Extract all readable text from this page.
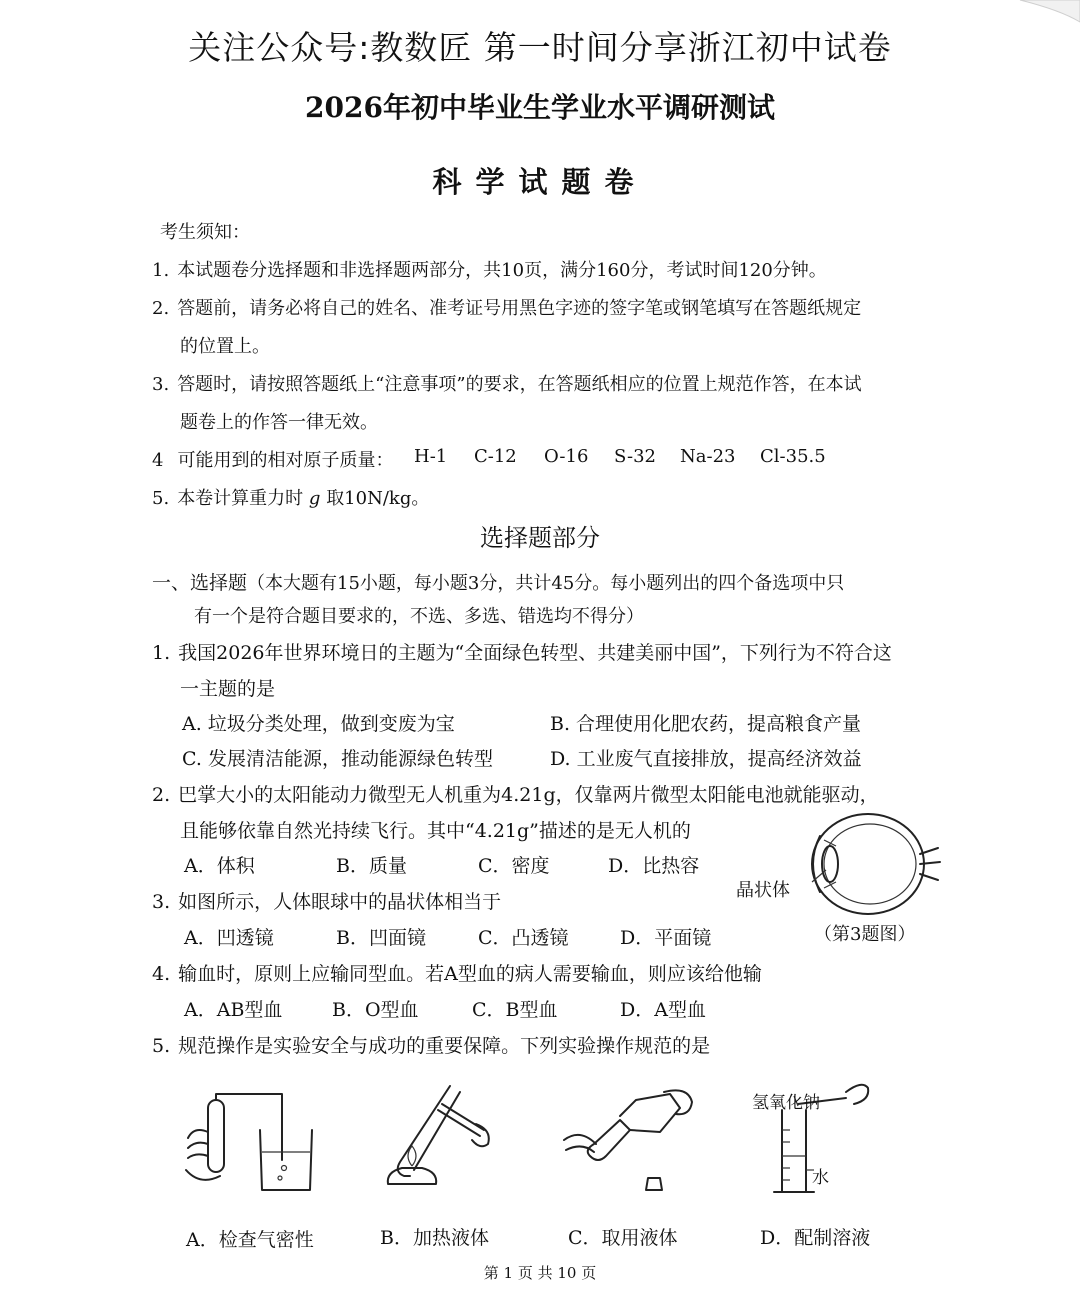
关注公众号:教数匠 第一时间分享浙江初中试卷
2026年初中毕业生学业水平调研测试
科学试题卷
考生须知：
1. 本试题卷分选择题和非选择题两部分，共10页，满分160分，考试时间120分钟。
2. 答题前，请务必将自己的姓名、准考证号用黑色字迹的签字笔或钢笔填写在答题纸规定
的位置上。
3. 答题时，请按照答题纸上“注意事项”的要求，在答题纸相应的位置上规范作答，在本试
题卷上的作答一律无效。
4 可能用到的相对原子质量： H-1 C-12 O-16 S-32 Na-23 Cl-35.5
5. 本卷计算重力时 g 取10N/kg。
选择题部分
一、选择题（本大题有15小题，每小题3分，共计45分。每小题列出的四个备选项中只
有一个是符合题目要求的，不选、多选、错选均不得分）
1. 我国2026年世界环境日的主题为“全面绿色转型、共建美丽中国”，下列行为不符合这
一主题的是
A. 垃圾分类处理，做到变废为宝	B. 合理使用化肥农药，提高粮食产量
C. 发展清洁能源，推动能源绿色转型	D. 工业废气直接排放，提高经济效益
2. 巴掌大小的太阳能动力微型无人机重为4.21g，仅靠两片微型太阳能电池就能驱动，
且能够依靠自然光持续飞行。其中“4.21g”描述的是无人机的
A．体积	B．质量	C．密度	D．比热容
3. 如图所示，人体眼球中的晶状体相当于
A．凹透镜	B．凹面镜	C．凸透镜	D．平面镜
晶状体
（第3题图）
4. 输血时，原则上应输同型血。若A型血的病人需要输血，则应该给他输
A．AB型血	B．O型血	C．B型血	D．A型血
5. 规范操作是实验安全与成功的重要保障。下列实验操作规范的是
氢氧化钠
水
A．检查气密性	B．加热液体	C．取用液体	D．配制溶液
第 1 页 共 10 页
